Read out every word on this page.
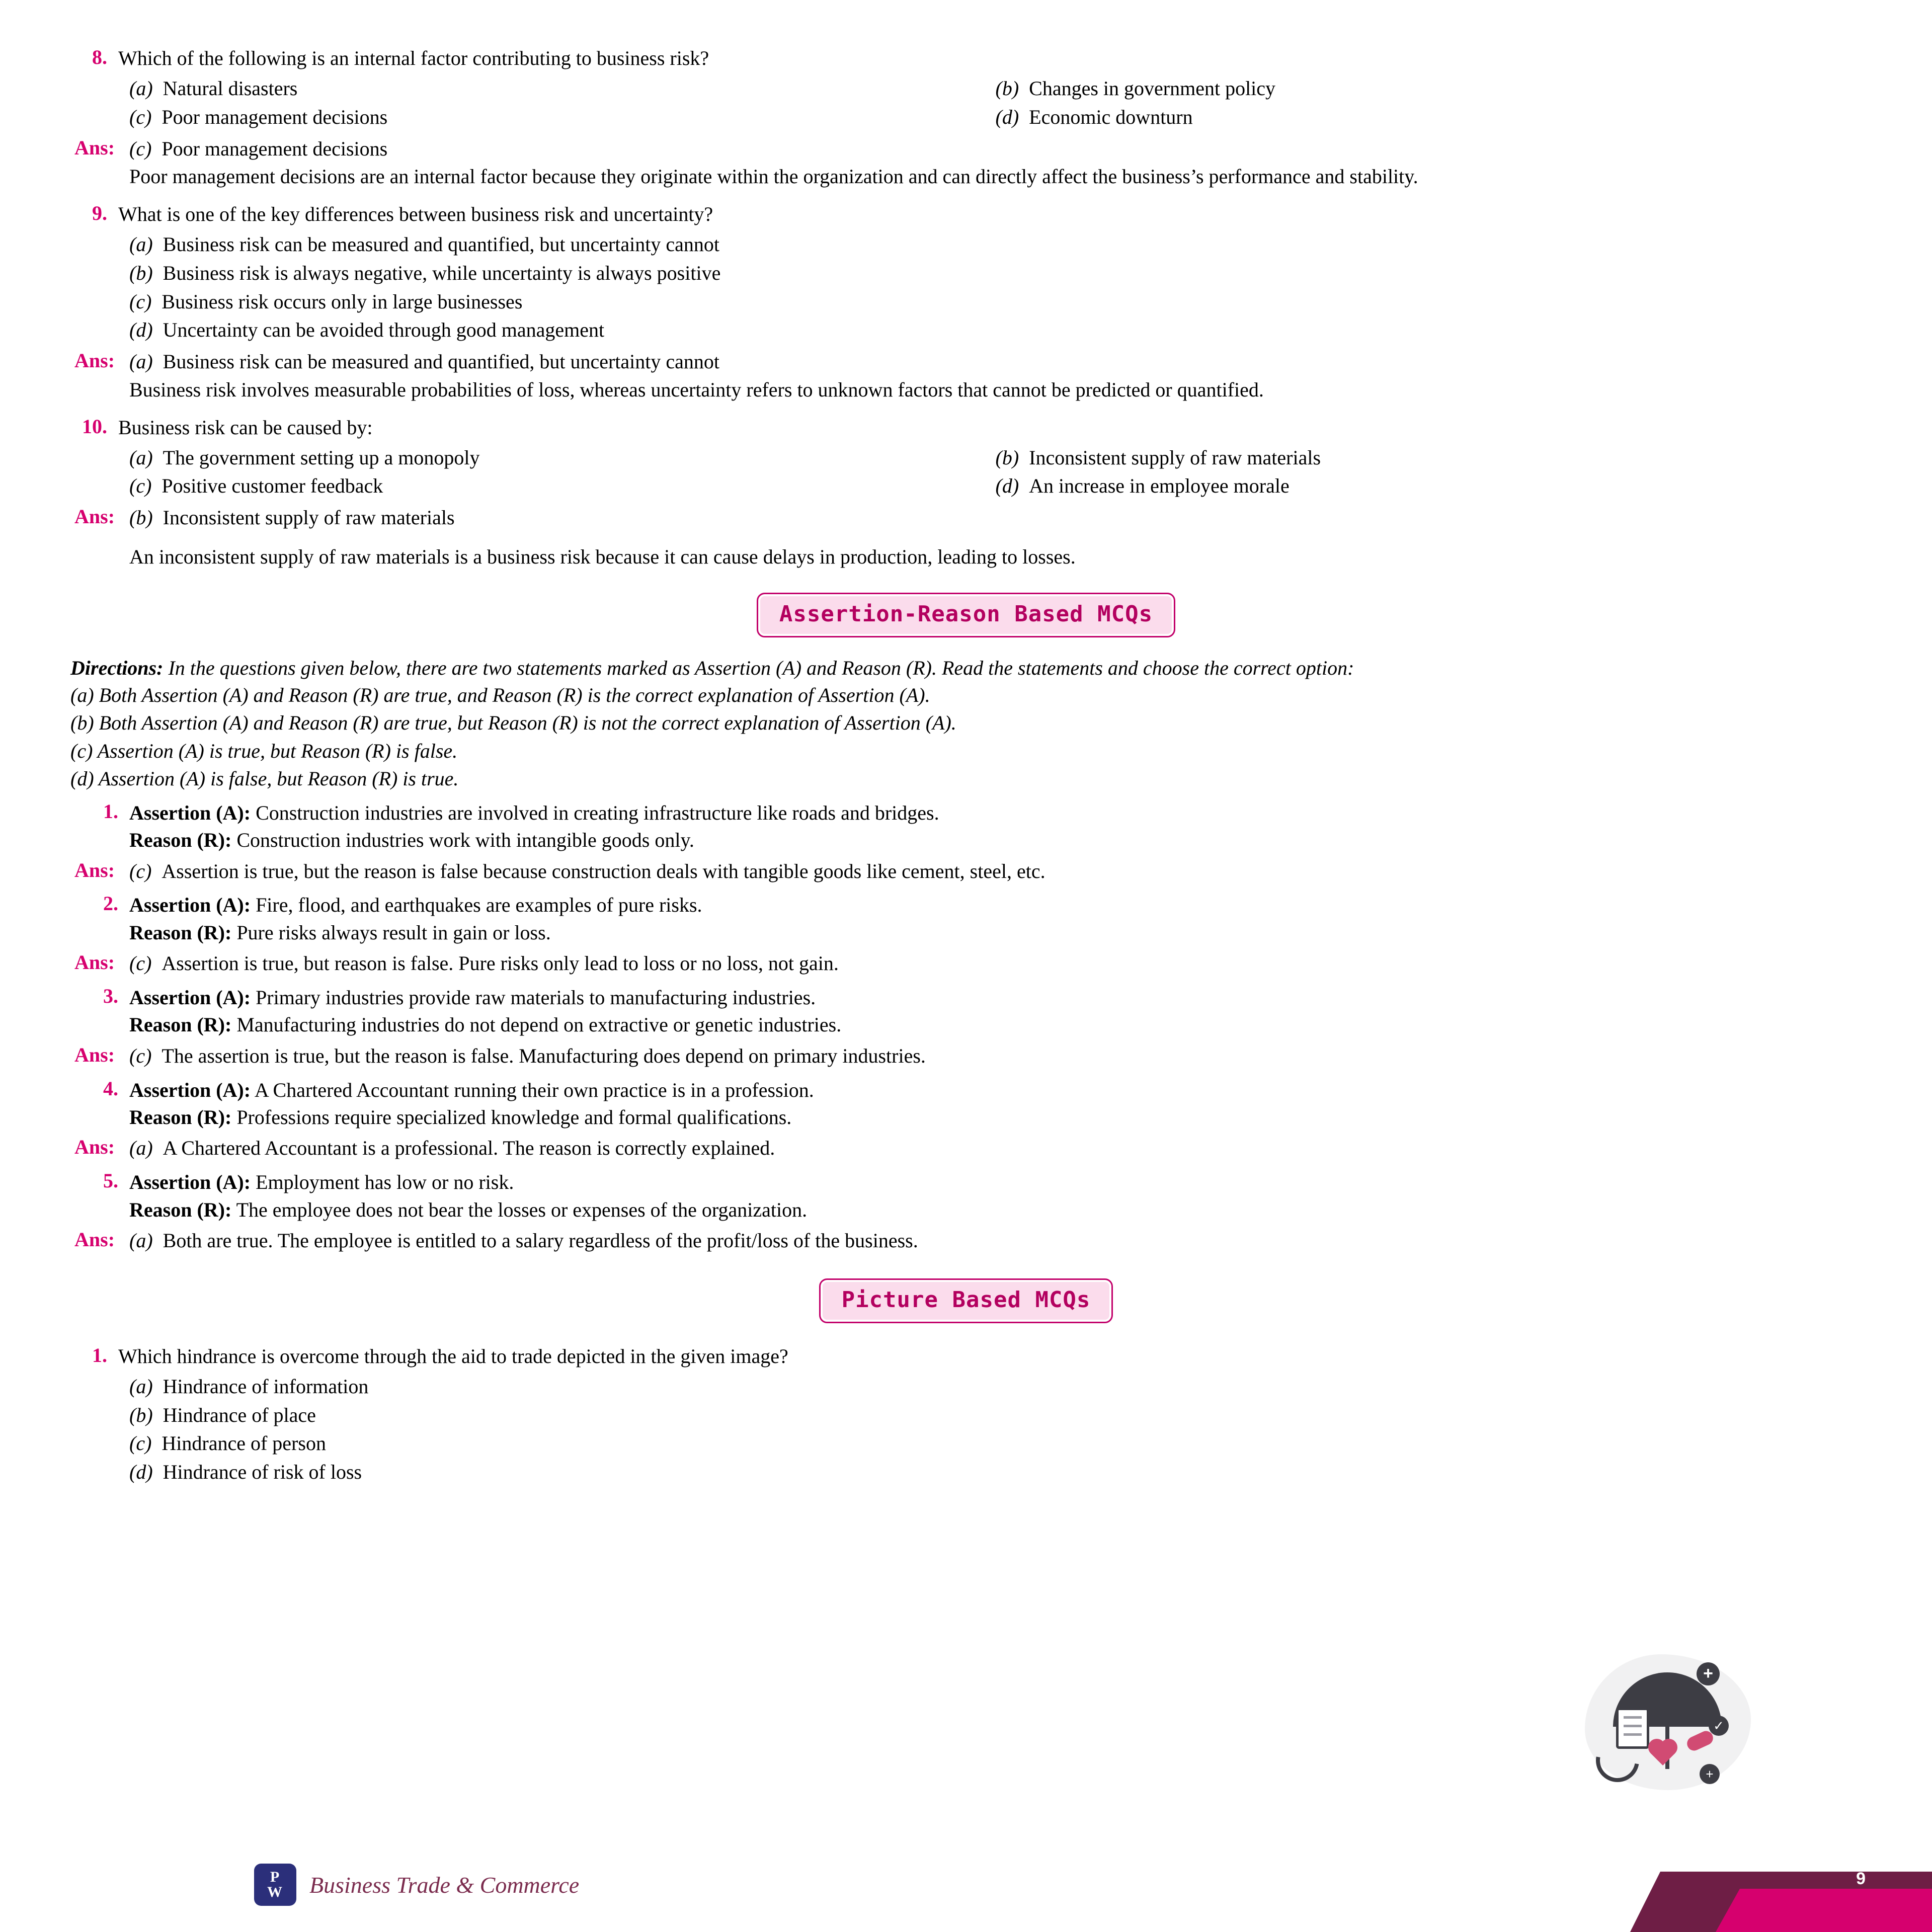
8. Which of the following is an internal factor contributing to business risk?
(a) Natural disasters	(b) Changes in government policy
(c) Poor management decisions	(d) Economic downturn
Ans: (c) Poor management decisions
Poor management decisions are an internal factor because they originate within the organization and can directly affect the business’s performance and stability.
9. What is one of the key differences between business risk and uncertainty?
(a) Business risk can be measured and quantified, but uncertainty cannot
(b) Business risk is always negative, while uncertainty is always positive
(c) Business risk occurs only in large businesses
(d) Uncertainty can be avoided through good management
Ans: (a) Business risk can be measured and quantified, but uncertainty cannot
Business risk involves measurable probabilities of loss, whereas uncertainty refers to unknown factors that cannot be predicted or quantified.
10. Business risk can be caused by:
(a) The government setting up a monopoly	(b) Inconsistent supply of raw materials
(c) Positive customer feedback	(d) An increase in employee morale
Ans: (b) Inconsistent supply of raw materials
An inconsistent supply of raw materials is a business risk because it can cause delays in production, leading to losses.
Assertion-Reason Based MCQs
Directions: In the questions given below, there are two statements marked as Assertion (A) and Reason (R). Read the statements and choose the correct option:
(a) Both Assertion (A) and Reason (R) are true, and Reason (R) is the correct explanation of Assertion (A).
(b) Both Assertion (A) and Reason (R) are true, but Reason (R) is not the correct explanation of Assertion (A).
(c) Assertion (A) is true, but Reason (R) is false.
(d) Assertion (A) is false, but Reason (R) is true.
1. Assertion (A): Construction industries are involved in creating infrastructure like roads and bridges.
Reason (R): Construction industries work with intangible goods only.
Ans: (c) Assertion is true, but the reason is false because construction deals with tangible goods like cement, steel, etc.
2. Assertion (A): Fire, flood, and earthquakes are examples of pure risks.
Reason (R): Pure risks always result in gain or loss.
Ans: (c) Assertion is true, but reason is false. Pure risks only lead to loss or no loss, not gain.
3. Assertion (A): Primary industries provide raw materials to manufacturing industries.
Reason (R): Manufacturing industries do not depend on extractive or genetic industries.
Ans: (c) The assertion is true, but the reason is false. Manufacturing does depend on primary industries.
4. Assertion (A): A Chartered Accountant running their own practice is in a profession.
Reason (R): Professions require specialized knowledge and formal qualifications.
Ans: (a) A Chartered Accountant is a professional. The reason is correctly explained.
5. Assertion (A): Employment has low or no risk.
Reason (R): The employee does not bear the losses or expenses of the organization.
Ans: (a) Both are true. The employee is entitled to a salary regardless of the profit/loss of the business.
Picture Based MCQs
1. Which hindrance is overcome through the aid to trade depicted in the given image?
(a) Hindrance of information
(b) Hindrance of place
(c) Hindrance of person
(d) Hindrance of risk of loss
+
✓
+
P
W Business Trade & Commerce	9
